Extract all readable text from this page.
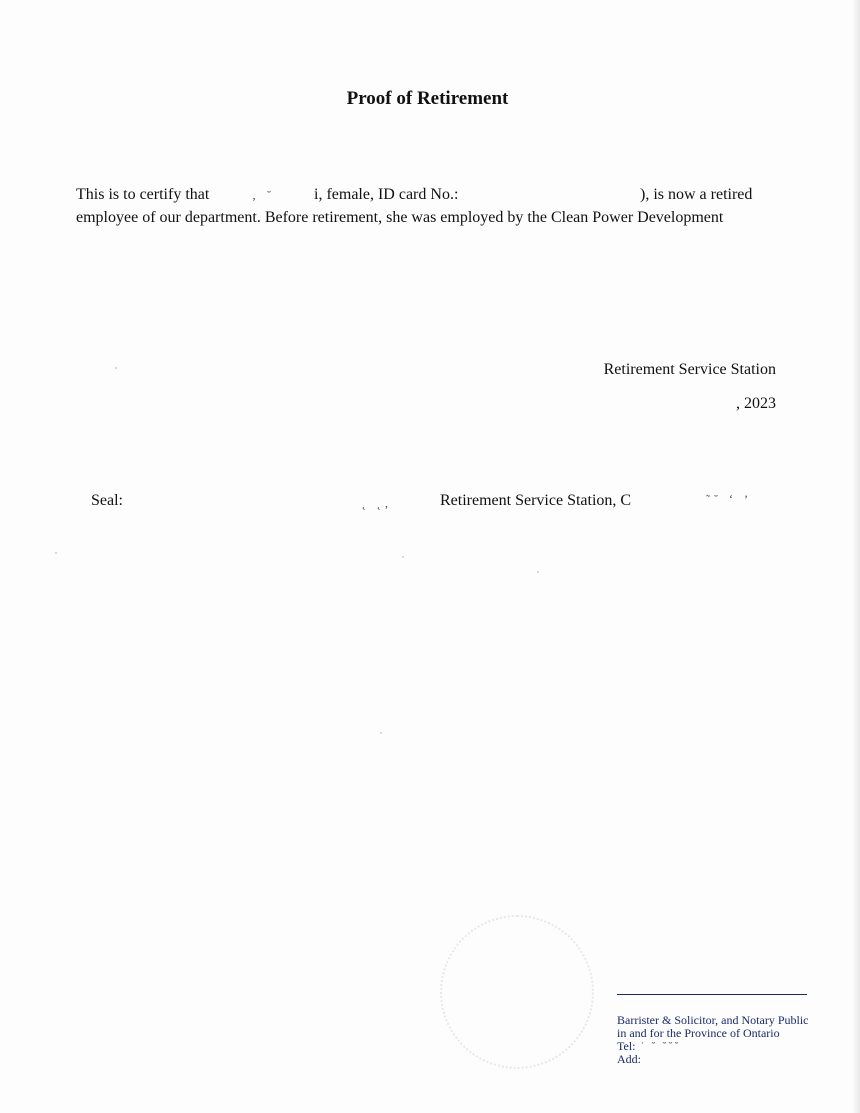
Proof of Retirement
This is to certify that	‚ ˘ i, female, ID card No.:	), is now a retired
employee of our department. Before retirement, she was employed by the Clean Power Development
Retirement Service Station
, 2023
Seal:	˛ ˛,	Retirement Service Station, C	˜˘ ‘ ’
Barrister & Solicitor, and Notary Public
in and for the Province of Ontario
Tel: ˙ ˘ ˘˘˘
Add:
